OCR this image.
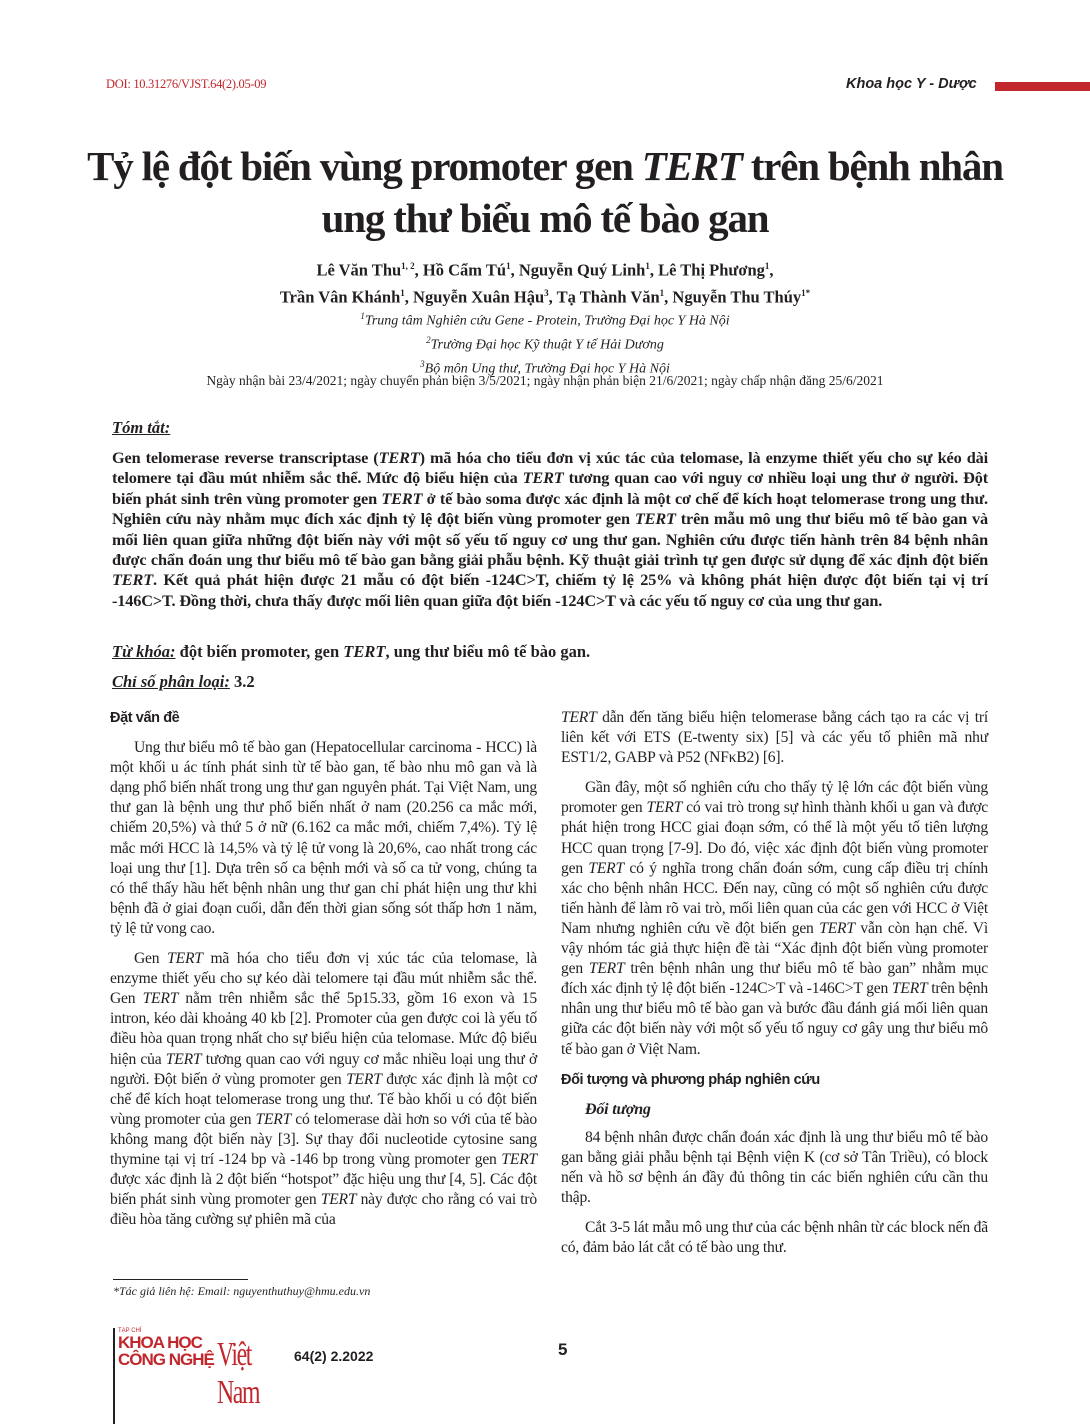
DOI: 10.31276/VJST.64(2).05-09	Khoa học Y - Dược
Tỷ lệ đột biến vùng promoter gen TERT trên bệnh nhân
ung thư biểu mô tế bào gan
Lê Văn Thu$^{1, 2}$, Hồ Cẩm $Tú^1$, Nguyễn Quý Linh$^1$, Lê Thị Phương$^1$,
Trần Vân Khánh$^1$, Nguyễn Xuân Hậu$^3$, Tạ Thành Văn$^1$, Nguyễn Thu Thúy$^{1*}$
$^1$Trung tâm Nghiên cứu Gene - Protein, Trường Đại học Y Hà Nội
$^2$Trường Đại học Kỹ thuật Y tế Hải Dương
$^3$Bộ môn Ung thư, Trường Đại học Y Hà Nội
Ngày nhận bài 23/4/2021; ngày chuyển phản biện 3/5/2021; ngày nhận phản biện 21/6/2021; ngày chấp nhận đăng 25/6/2021
Tóm tắt:
Gen telomerase reverse transcriptase (TERT) mã hóa cho tiểu đơn vị xúc tác của telomase, là enzyme thiết yếu cho sự kéo dài telomere tại đầu mút nhiễm sắc thể. Mức độ biểu hiện của TERT tương quan cao với nguy cơ nhiều loại ung thư ở người. Đột biến phát sinh trên vùng promoter gen TERT ở tế bào soma được xác định là một cơ chế để kích hoạt telomerase trong ung thư. Nghiên cứu này nhằm mục đích xác định tỷ lệ đột biến vùng promoter gen TERT trên mẫu mô ung thư biểu mô tế bào gan và mối liên quan giữa những đột biến này với một số yếu tố nguy cơ ung thư gan. Nghiên cứu được tiến hành trên 84 bệnh nhân được chẩn đoán ung thư biểu mô tế bào gan bằng giải phẫu bệnh. Kỹ thuật giải trình tự gen được sử dụng để xác định đột biến TERT. Kết quả phát hiện được 21 mẫu có đột biến -124C>T, chiếm tỷ lệ 25% và không phát hiện được đột biến tại vị trí -146C>T. Đồng thời, chưa thấy được mối liên quan giữa đột biến -124C>T và các yếu tố nguy cơ của ung thư gan.
Từ khóa: đột biến promoter, gen TERT, ung thư biểu mô tế bào gan.
Chỉ số phân loại: 3.2
Đặt vấn đề

Ung thư biểu mô tế bào gan (Hepatocellular carcinoma - HCC) là một khối u ác tính phát sinh từ tế bào gan, tế bào nhu mô gan và là dạng phổ biến nhất trong ung thư gan nguyên phát. Tại Việt Nam, ung thư gan là bệnh ung thư phổ biến nhất ở nam (20.256 ca mắc mới, chiếm 20,5%) và thứ 5 ở nữ (6.162 ca mắc mới, chiếm 7,4%). Tỷ lệ mắc mới HCC là 14,5% và tỷ lệ tử vong là 20,6%, cao nhất trong các loại ung thư [1]. Dựa trên số ca bệnh mới và số ca tử vong, chúng ta có thể thấy hầu hết bệnh nhân ung thư gan chỉ phát hiện ung thư khi bệnh đã ở giai đoạn cuối, dẫn đến thời gian sống sót thấp hơn 1 năm, tỷ lệ tử vong cao.

Gen TERT mã hóa cho tiểu đơn vị xúc tác của telomase, là enzyme thiết yếu cho sự kéo dài telomere tại đầu mút nhiễm sắc thể. Gen TERT nằm trên nhiễm sắc thể 5p15.33, gồm 16 exon và 15 intron, kéo dài khoảng 40 kb [2]. Promoter của gen được coi là yếu tố điều hòa quan trọng nhất cho sự biểu hiện của telomase. Mức độ biểu hiện của TERT tương quan cao với nguy cơ mắc nhiều loại ung thư ở người. Đột biến ở vùng promoter gen TERT được xác định là một cơ chế để kích hoạt telomerase trong ung thư. Tế bào khối u có đột biến vùng promoter của gen TERT có telomerase dài hơn so với của tế bào không mang đột biến này [3]. Sự thay đổi nucleotide cytosine sang thymine tại vị trí -124 bp và -146 bp trong vùng promoter gen TERT được xác định là 2 đột biến “hotspot” đặc hiệu ung thư [4, 5]. Các đột biến phát sinh vùng promoter gen TERT này được cho rằng có vai trò điều hòa tăng cường sự phiên mã của

TERT dẫn đến tăng biểu hiện telomerase bằng cách tạo ra các vị trí liên kết với ETS (E-twenty six) [5] và các yếu tố phiên mã như EST1/2, GABP và P52 (NFκB2) [6].

Gần đây, một số nghiên cứu cho thấy tỷ lệ lớn các đột biến vùng promoter gen TERT có vai trò trong sự hình thành khối u gan và được phát hiện trong HCC giai đoạn sớm, có thể là một yếu tố tiên lượng HCC quan trọng [7-9]. Do đó, việc xác định đột biến vùng promoter gen TERT có ý nghĩa trong chẩn đoán sớm, cung cấp điều trị chính xác cho bệnh nhân HCC. Đến nay, cũng có một số nghiên cứu được tiến hành để làm rõ vai trò, mối liên quan của các gen với HCC ở Việt Nam nhưng nghiên cứu về đột biến gen TERT vẫn còn hạn chế. Vì vậy nhóm tác giả thực hiện đề tài “Xác định đột biến vùng promoter gen TERT trên bệnh nhân ung thư biểu mô tế bào gan” nhằm mục đích xác định tỷ lệ đột biến -124C>T và -146C>T gen TERT trên bệnh nhân ung thư biểu mô tế bào gan và bước đầu đánh giá mối liên quan giữa các đột biến này với một số yếu tố nguy cơ gây ung thư biểu mô tế bào gan ở Việt Nam.

Đối tượng và phương pháp nghiên cứu
Đối tượng

84 bệnh nhân được chẩn đoán xác định là ung thư biểu mô tế bào gan bằng giải phẫu bệnh tại Bệnh viện K (cơ sở Tân Triều), có block nến và hồ sơ bệnh án đầy đủ thông tin các biến nghiên cứu cần thu thập.

Cắt 3-5 lát mẫu mô ung thư của các bệnh nhân từ các block nến đã có, đảm bảo lát cắt có tế bào ung thư.

*Tác giả liên hệ: Email: nguyenthuthuy@hmu.edu.vn
TẠP CHÍ
KHOA HỌC
CÔNG NGHỆ Việt Nam
64(2) 2.2022	5
